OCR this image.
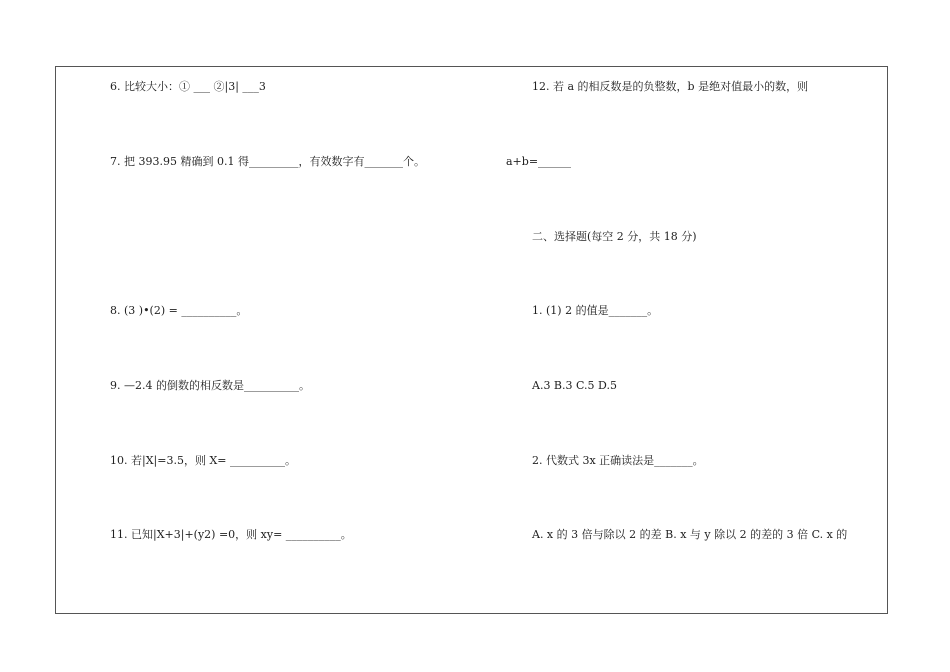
6. 比较大小：① ___ ②|3| ___3
7. 把 393.95 精确到 0.1 得_________，有效数字有_______个。
8. (3 )•(2) = __________。
9. —2.4 的倒数的相反数是__________。
10. 若|X|=3.5，则 X= __________。
11. 已知|X+3|+(y2) =0，则 xy= __________。
12. 若 a 的相反数是的负整数，b 是绝对值最小的数，则
a+b=______
二、选择题(每空 2 分，共 18 分)
1. (1) 2 的值是_______。
A.3 B.3 C.5 D.5
2. 代数式 3x 正确读法是_______。
A. x 的 3 倍与除以 2 的差 B. x 与 y 除以 2 的差的 3 倍 C. x 的
